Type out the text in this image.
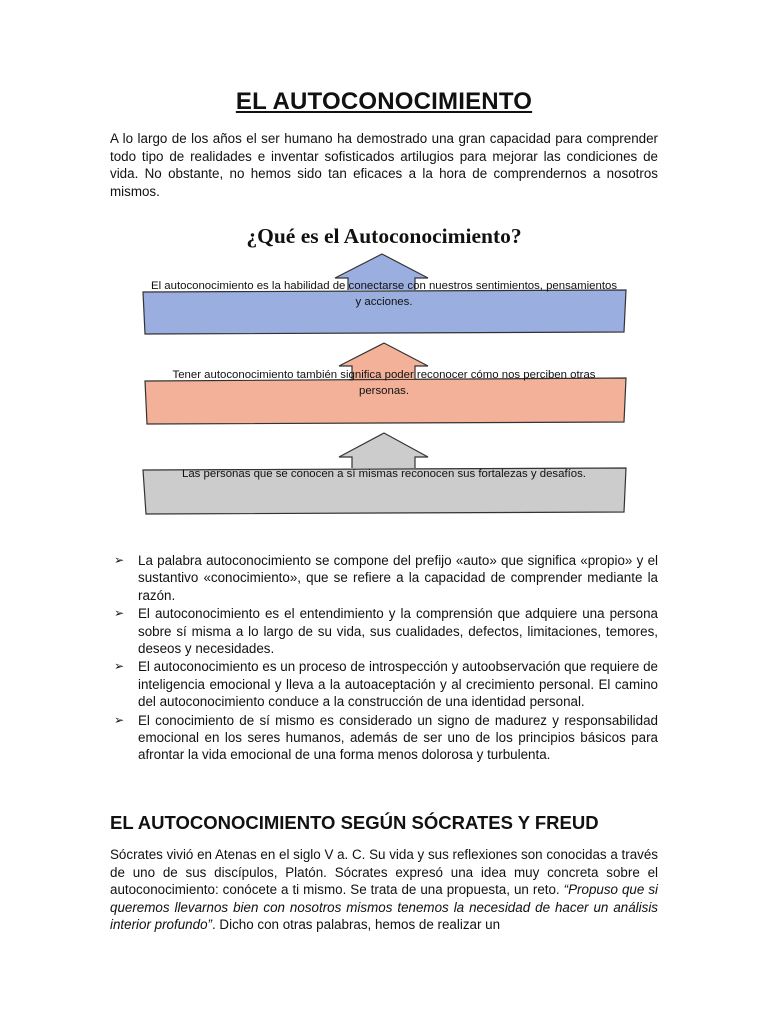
EL AUTOCONOCIMIENTO
A lo largo de los años el ser humano ha demostrado una gran capacidad para comprender todo tipo de realidades e inventar sofisticados artilugios para mejorar las condiciones de vida. No obstante, no hemos sido tan eficaces a la hora de comprendernos a nosotros mismos.
¿Qué es el Autoconocimiento?
El autoconocimiento es la habilidad de conectarse con nuestros sentimientos, pensamientos y acciones.
Tener autoconocimiento también significa poder reconocer cómo nos perciben otras personas.
Las personas que se conocen a sí mismas reconocen sus fortalezas y desafíos.
➢ La palabra autoconocimiento se compone del prefijo «auto» que significa «propio» y el sustantivo «conocimiento», que se refiere a la capacidad de comprender mediante la razón.
➢ El autoconocimiento es el entendimiento y la comprensión que adquiere una persona sobre sí misma a lo largo de su vida, sus cualidades, defectos, limitaciones, temores, deseos y necesidades.
➢ El autoconocimiento es un proceso de introspección y autoobservación que requiere de inteligencia emocional y lleva a la autoaceptación y al crecimiento personal. El camino del autoconocimiento conduce a la construcción de una identidad personal.
➢ El conocimiento de sí mismo es considerado un signo de madurez y responsabilidad emocional en los seres humanos, además de ser uno de los principios básicos para afrontar la vida emocional de una forma menos dolorosa y turbulenta.
EL AUTOCONOCIMIENTO SEGÚN SÓCRATES Y FREUD
Sócrates vivió en Atenas en el siglo V a. C. Su vida y sus reflexiones son conocidas a través de uno de sus discípulos, Platón. Sócrates expresó una idea muy concreta sobre el autoconocimiento: conócete a ti mismo. Se trata de una propuesta, un reto. “Propuso que si queremos llevarnos bien con nosotros mismos tenemos la necesidad de hacer un análisis interior profundo”. Dicho con otras palabras, hemos de realizar un
